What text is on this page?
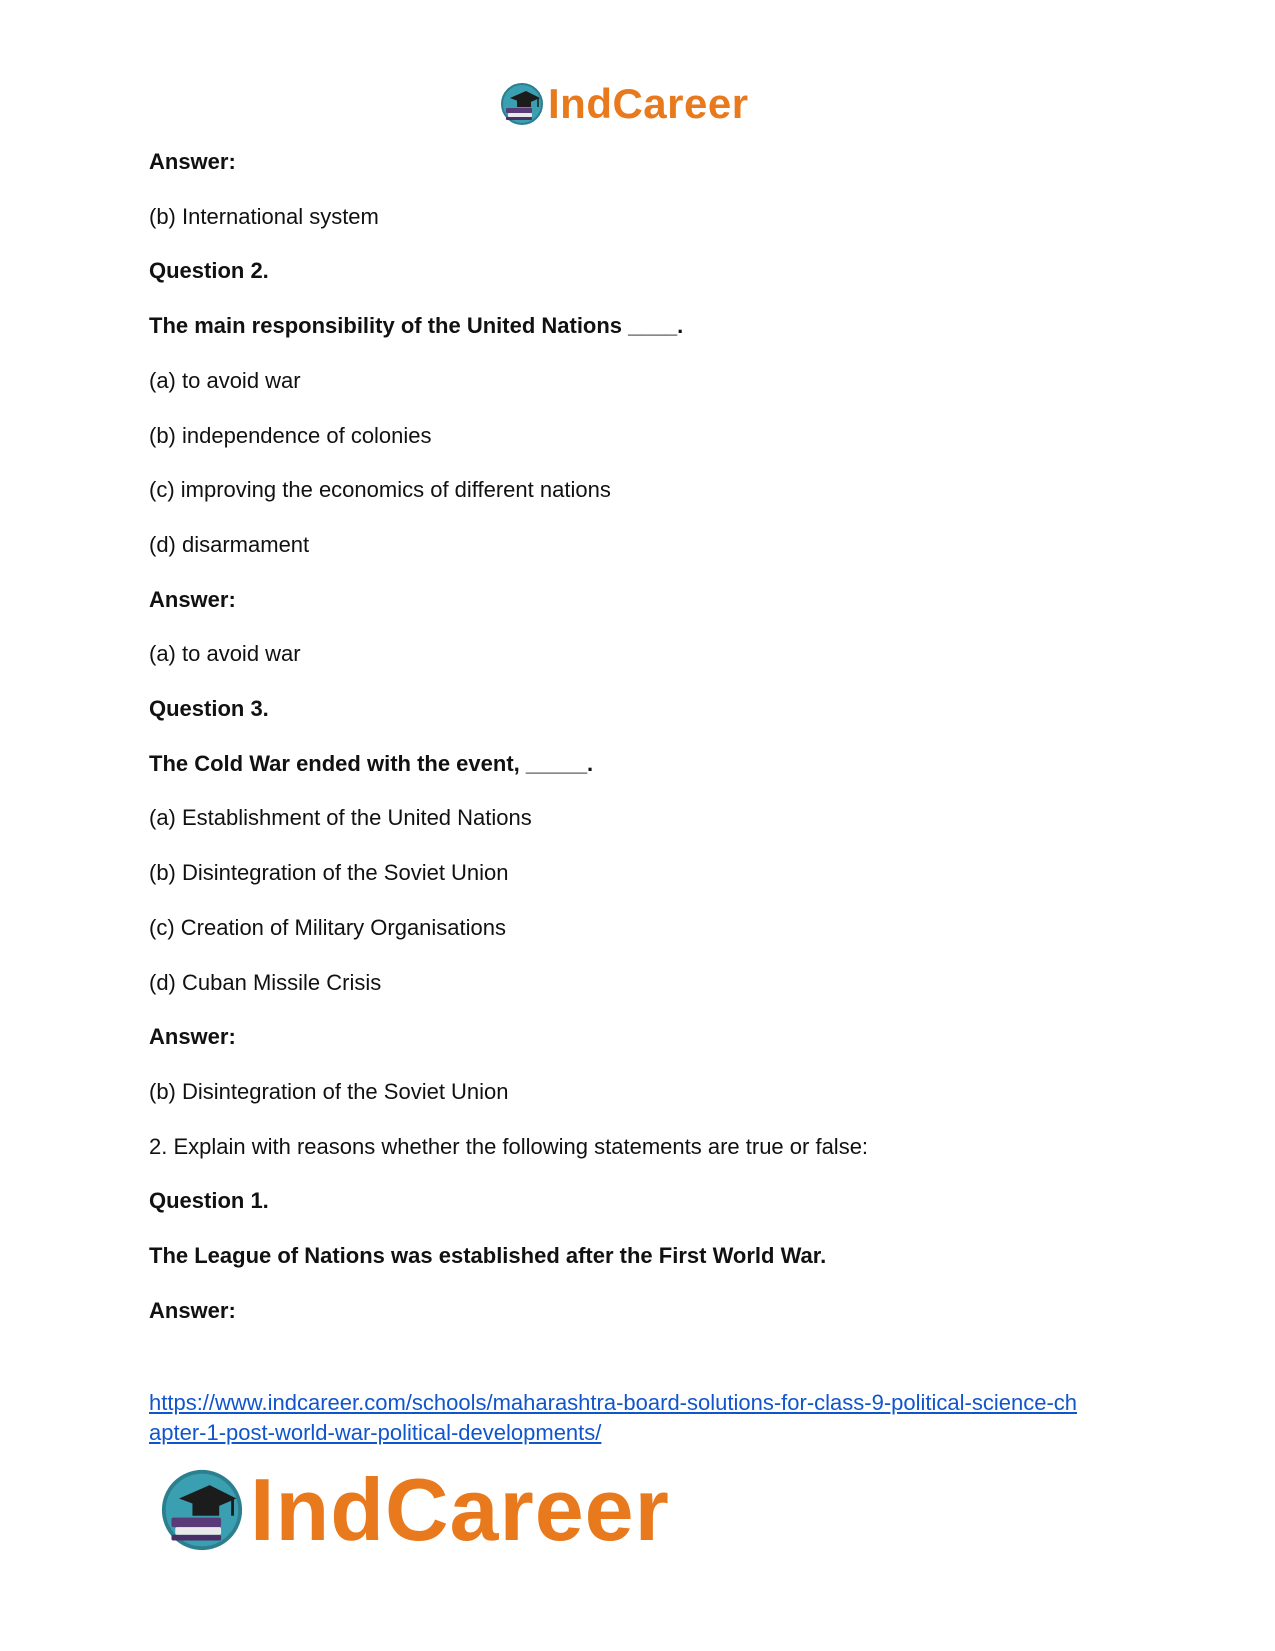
IndCareer
Answer:
(b) International system
Question 2.
The main responsibility of the United Nations ____.
(a) to avoid war
(b) independence of colonies
(c) improving the economics of different nations
(d) disarmament
Answer:
(a) to avoid war
Question 3.
The Cold War ended with the event, _____.
(a) Establishment of the United Nations
(b) Disintegration of the Soviet Union
(c) Creation of Military Organisations
(d) Cuban Missile Crisis
Answer:
(b) Disintegration of the Soviet Union
2. Explain with reasons whether the following statements are true or false:
Question 1.
The League of Nations was established after the First World War.
Answer:
https://www.indcareer.com/schools/maharashtra-board-solutions-for-class-9-political-science-ch
apter-1-post-world-war-political-developments/
IndCareer
